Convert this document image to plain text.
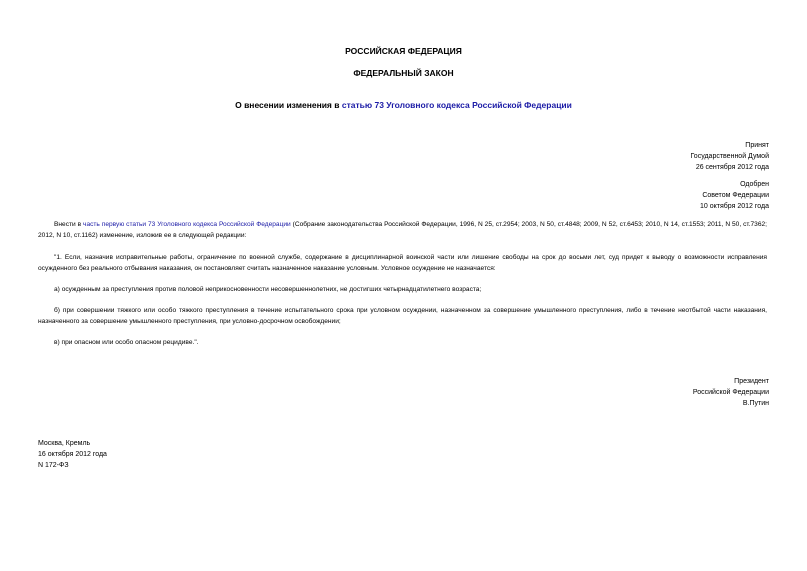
РОССИЙСКАЯ ФЕДЕРАЦИЯ
ФЕДЕРАЛЬНЫЙ ЗАКОН
О внесении изменения в статью 73 Уголовного кодекса Российской Федерации
Принят
Государственной Думой
26 сентября 2012 года
Одобрен
Советом Федерации
10 октября 2012 года
Внести в часть первую статьи 73 Уголовного кодекса Российской Федерации (Собрание законодательства Российской Федерации, 1996, N 25, ст.2954; 2003, N 50, ст.4848; 2009, N 52, ст.6453; 2010, N 14, ст.1553; 2011, N 50, ст.7362; 2012, N 10, ст.1162) изменение, изложив ее в следующей редакции:
"1. Если, назначив исправительные работы, ограничение по военной службе, содержание в дисциплинарной воинской части или лишение свободы на срок до восьми лет, суд придет к выводу о возможности исправления осужденного без реального отбывания наказания, он постановляет считать назначенное наказание условным. Условное осуждение не назначается:
а) осужденным за преступления против половой неприкосновенности несовершеннолетних, не достигших четырнадцатилетнего возраста;
б) при совершении тяжкого или особо тяжкого преступления в течение испытательного срока при условном осуждении, назначенном за совершение умышленного преступления, либо в течение неотбытой части наказания, назначенного за совершение умышленного преступления, при условно-досрочном освобождении;
в) при опасном или особо опасном рецидиве.".
Президент
Российской Федерации
В.Путин
Москва, Кремль
16 октября 2012 года
N 172-ФЗ
